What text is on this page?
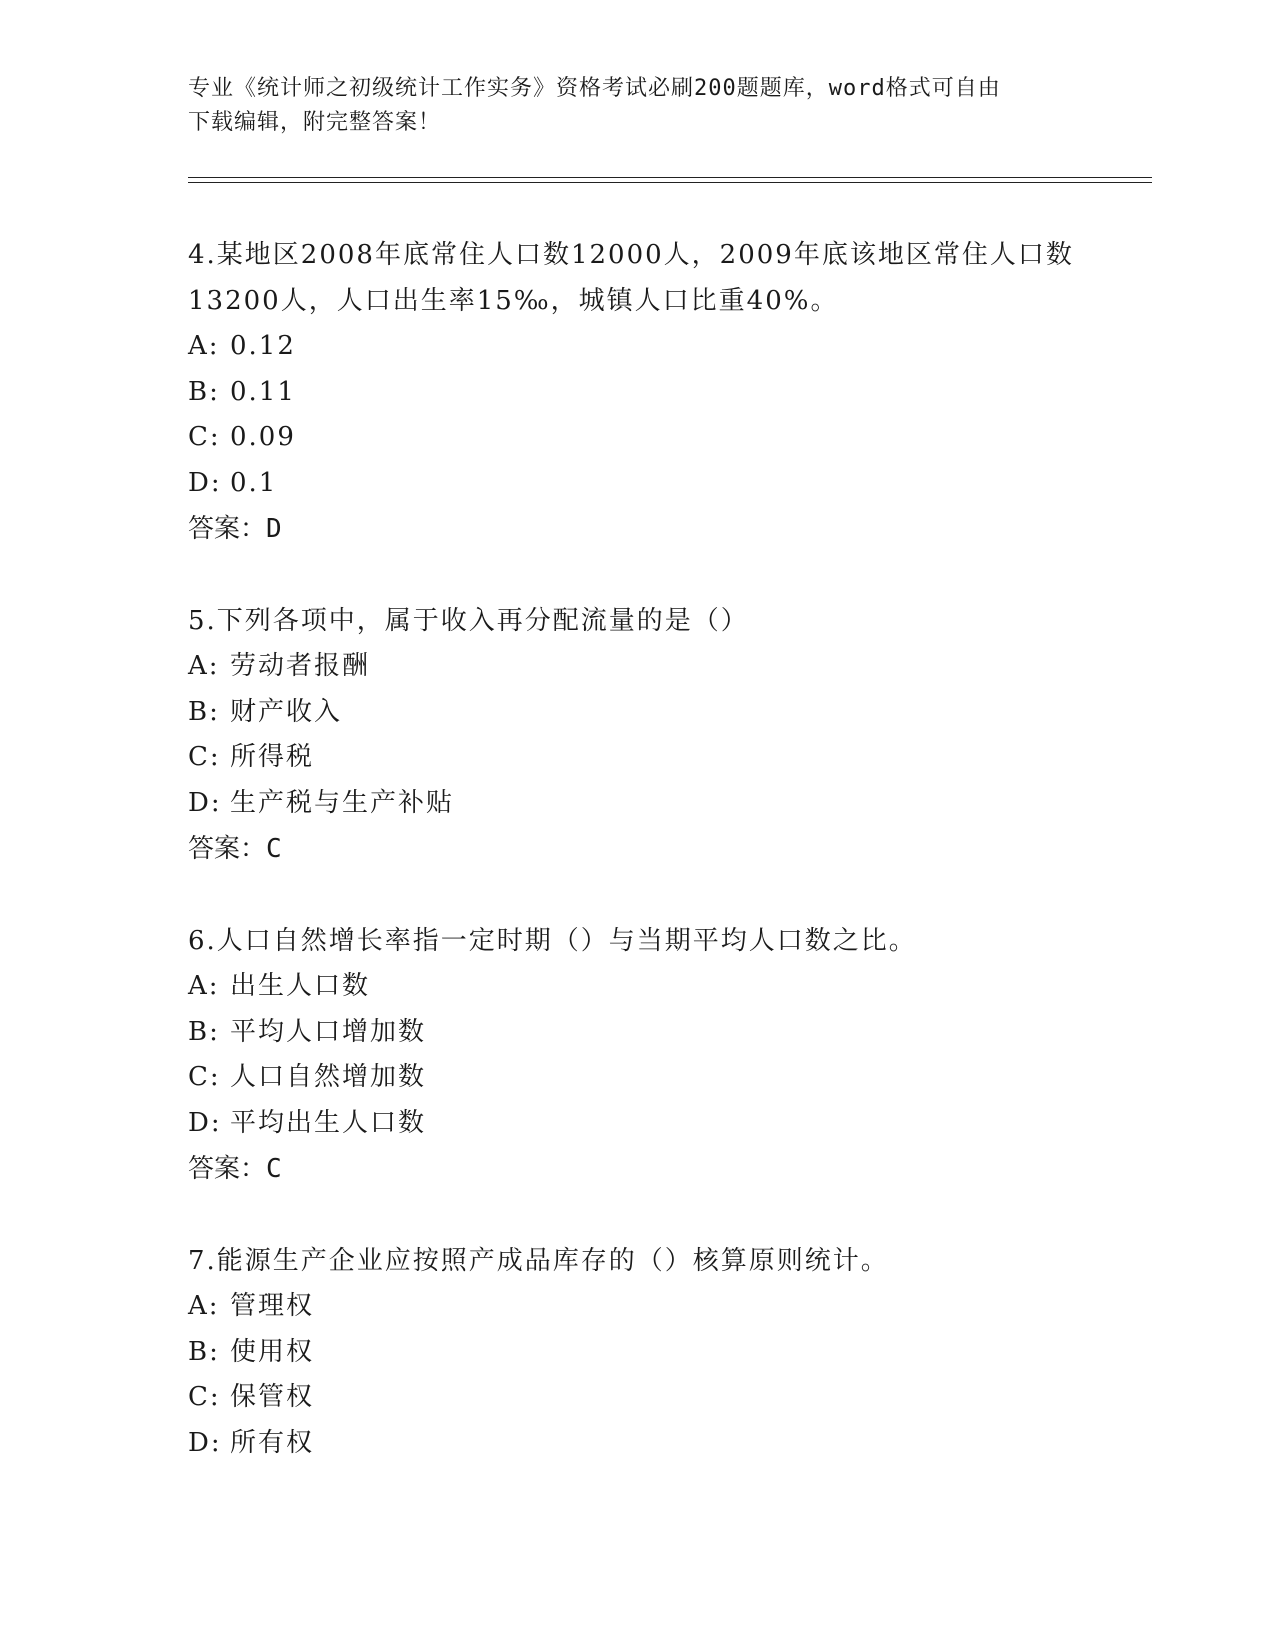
专业《统计师之初级统计工作实务》资格考试必刷200题题库，word格式可自由
下载编辑，附完整答案！

4.某地区2008年底常住人口数12000人，2009年底该地区常住人口数
13200人，人口出生率15‰，城镇人口比重40%。

A: 0.12

B: 0.11

C: 0.09

D: 0.1

答案：D

5.下列各项中，属于收入再分配流量的是（）

A: 劳动者报酬

B: 财产收入

C: 所得税

D: 生产税与生产补贴

答案：C

6.人口自然增长率指一定时期（）与当期平均人口数之比。

A: 出生人口数

B: 平均人口增加数

C: 人口自然增加数

D: 平均出生人口数

答案：C

7.能源生产企业应按照产成品库存的（）核算原则统计。

A: 管理权

B: 使用权

C: 保管权

D: 所有权
